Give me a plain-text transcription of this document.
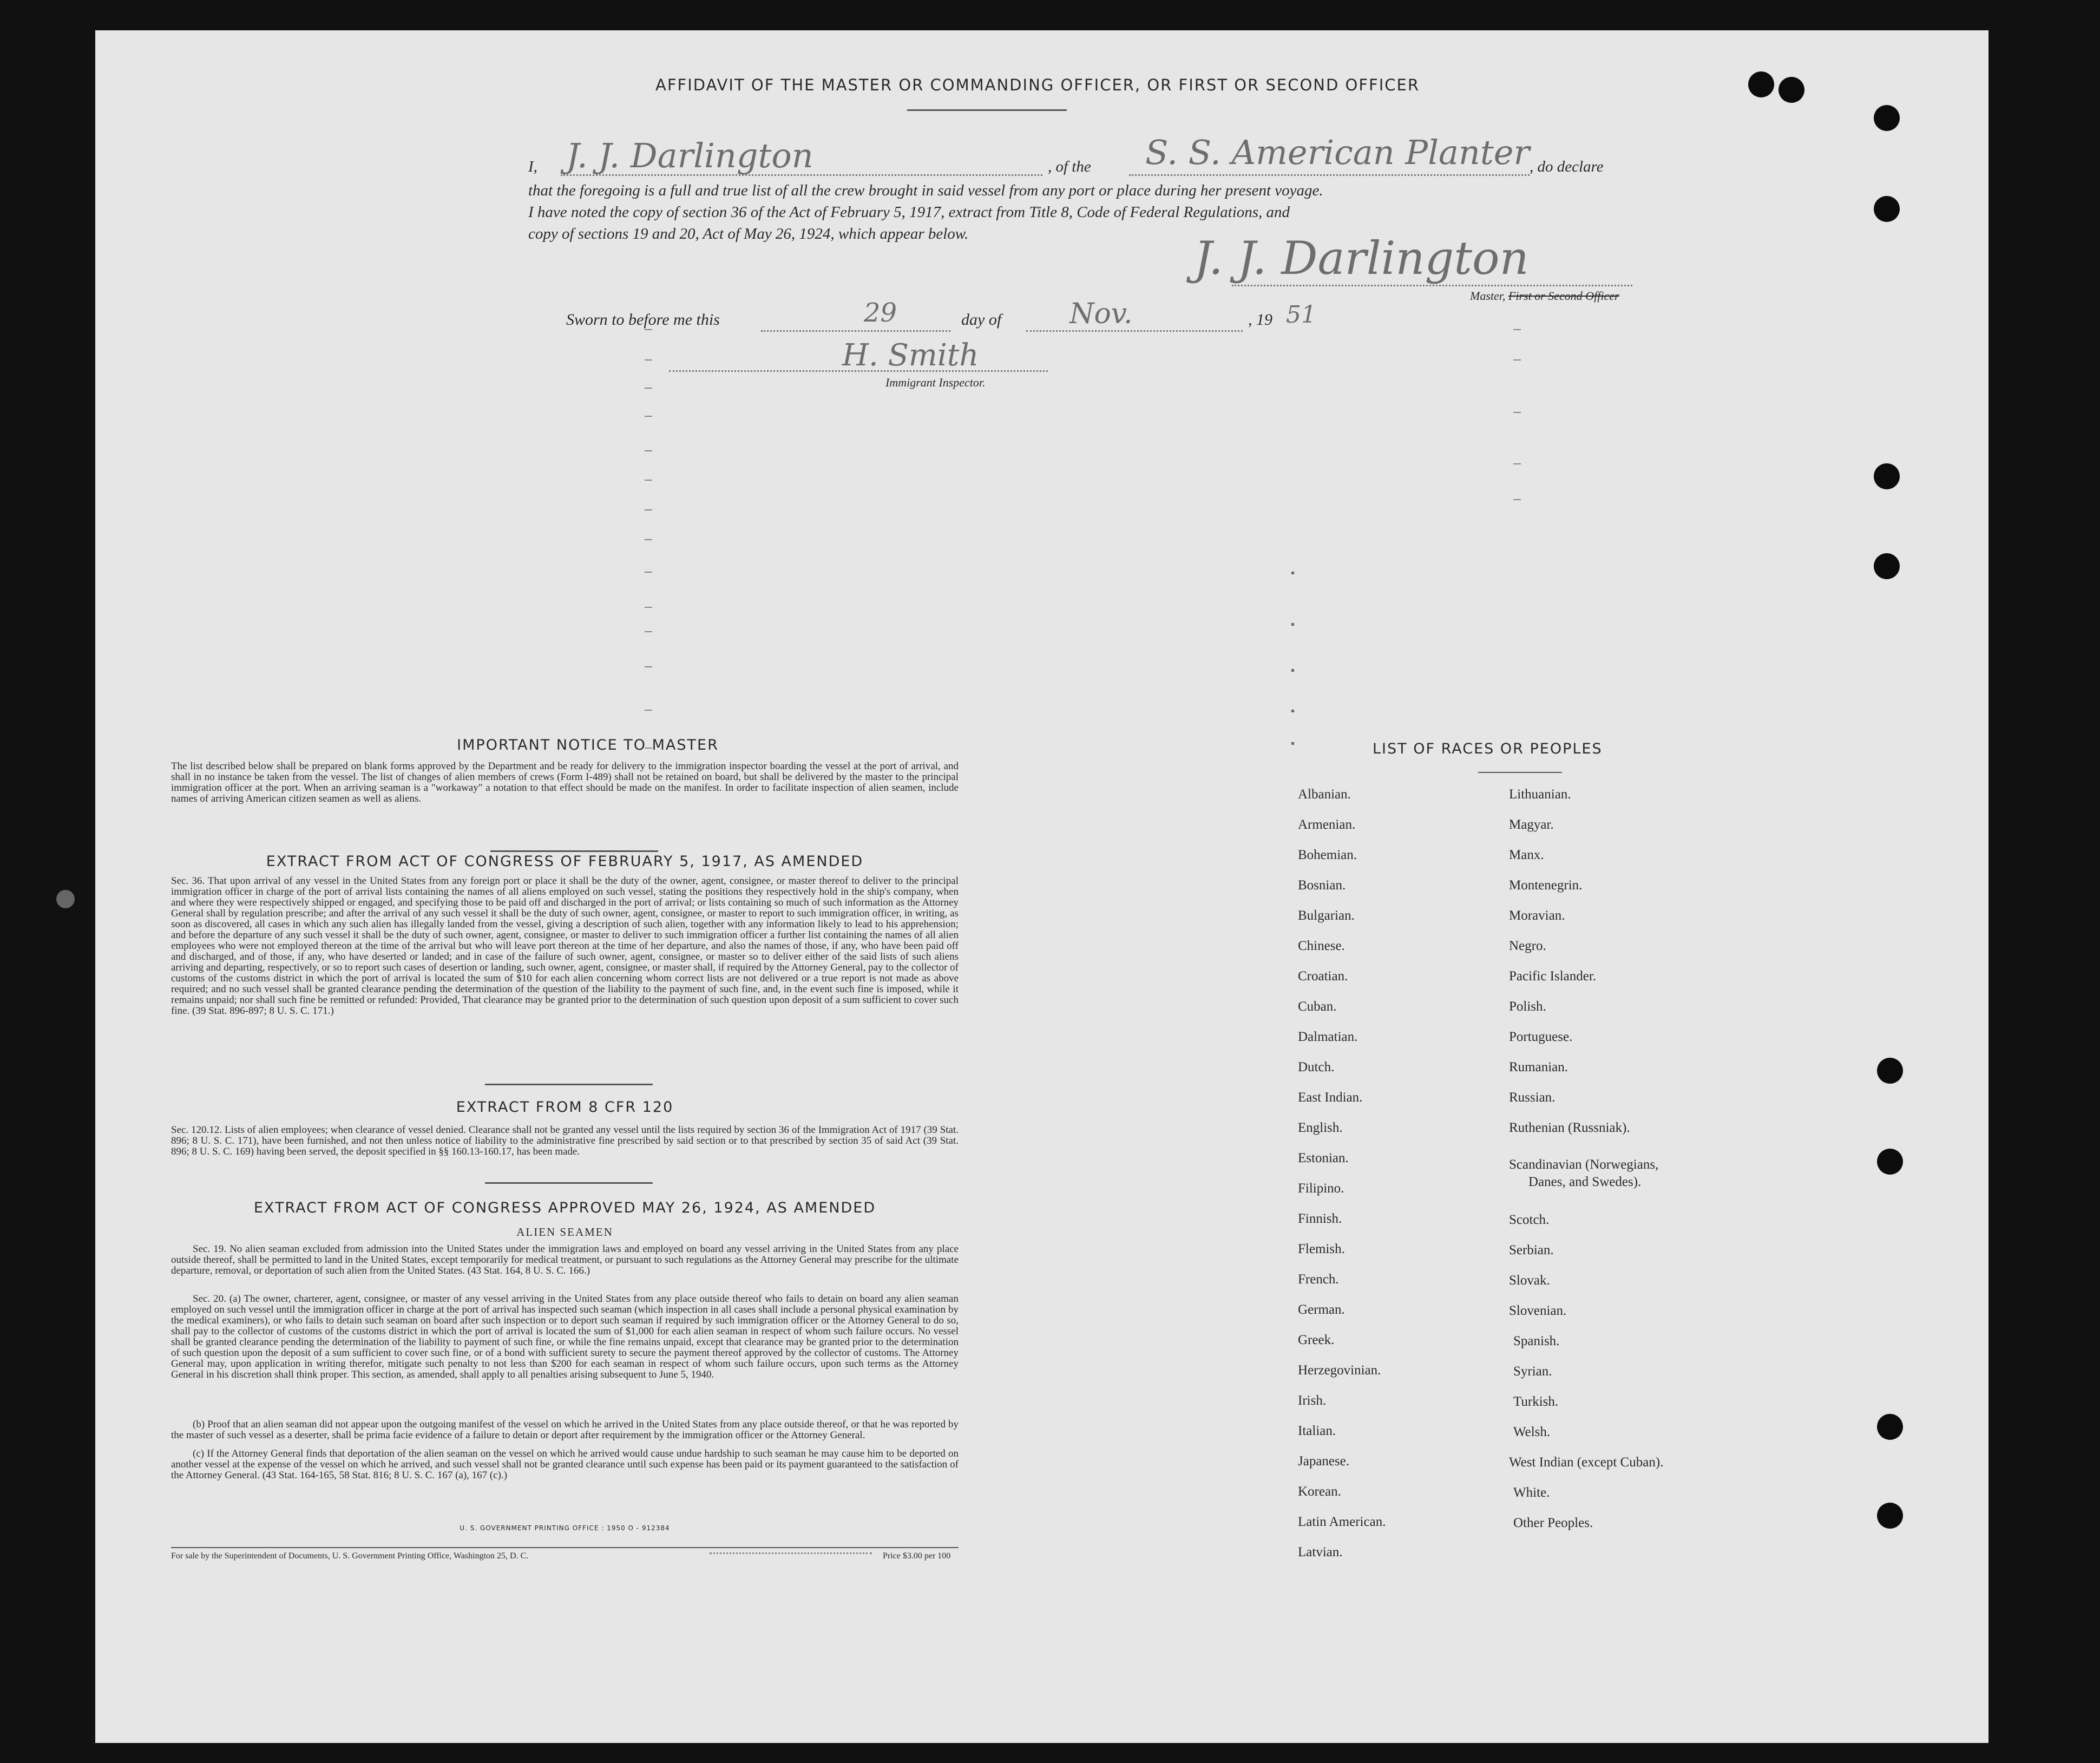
AFFIDAVIT OF THE MASTER OR COMMANDING OFFICER, OR FIRST OR SECOND OFFICER
I, J. J. Darlington	, of the S. S. American Planter , do declare
that the foregoing is a full and true list of all the crew brought in said vessel from any port or place during her present voyage.
I have noted the copy of section 36 of the Act of February 5, 1917, extract from Title 8, Code of Federal Regulations, and
copy of sections 19 and 20, Act of May 26, 1924, which appear below.	J. J. Darlington
Master, First or Second Officer
Sworn to before me this	29	day of Nov.	, 19 51
H. Smith
Immigrant Inspector.
IMPORTANT NOTICE TO MASTER
The list described below shall be prepared on blank forms approved by the Department and be ready for delivery to the immigration inspector boarding the vessel at the port of arrival, and shall in no instance be taken from the vessel. The list of changes of alien members of crews (Form I-489) shall not be retained on board, but shall be delivered by the master to the principal immigration officer at the port. When an arriving seaman is a "workaway" a notation to that effect should be made on the manifest. In order to facilitate inspection of alien seamen, include names of arriving American citizen seamen as well as aliens.
EXTRACT FROM ACT OF CONGRESS OF FEBRUARY 5, 1917, AS AMENDED
Sec. 36. That upon arrival of any vessel in the United States from any foreign port or place it shall be the duty of the owner, agent, consignee, or master thereof to deliver to the principal immigration officer in charge of the port of arrival lists containing the names of all aliens employed on such vessel, stating the positions they respectively hold in the ship's company, when and where they were respectively shipped or engaged, and specifying those to be paid off and discharged in the port of arrival; or lists containing so much of such information as the Attorney General shall by regulation prescribe; and after the arrival of any such vessel it shall be the duty of such owner, agent, consignee, or master to report to such immigration officer, in writing, as soon as discovered, all cases in which any such alien has illegally landed from the vessel, giving a description of such alien, together with any information likely to lead to his apprehension; and before the departure of any such vessel it shall be the duty of such owner, agent, consignee, or master to deliver to such immigration officer a further list containing the names of all alien employees who were not employed thereon at the time of the arrival but who will leave port thereon at the time of her departure, and also the names of those, if any, who have been paid off and discharged, and of those, if any, who have deserted or landed; and in case of the failure of such owner, agent, consignee, or master so to deliver either of the said lists of such aliens arriving and departing, respectively, or so to report such cases of desertion or landing, such owner, agent, consignee, or master shall, if required by the Attorney General, pay to the collector of customs of the customs district in which the port of arrival is located the sum of $10 for each alien concerning whom correct lists are not delivered or a true report is not made as above required; and no such vessel shall be granted clearance pending the determination of the question of the liability to the payment of such fine, and, in the event such fine is imposed, while it remains unpaid; nor shall such fine be remitted or refunded: Provided, That clearance may be granted prior to the determination of such question upon deposit of a sum sufficient to cover such fine. (39 Stat. 896-897; 8 U. S. C. 171.)
EXTRACT FROM 8 CFR 120
Sec. 120.12. Lists of alien employees; when clearance of vessel denied. Clearance shall not be granted any vessel until the lists required by section 36 of the Immigration Act of 1917 (39 Stat. 896; 8 U. S. C. 171), have been furnished, and not then unless notice of liability to the administrative fine prescribed by said section or to that prescribed by section 35 of said Act (39 Stat. 896; 8 U. S. C. 169) having been served, the deposit specified in §§ 160.13-160.17, has been made.
EXTRACT FROM ACT OF CONGRESS APPROVED MAY 26, 1924, AS AMENDED
ALIEN SEAMEN
Sec. 19. No alien seaman excluded from admission into the United States under the immigration laws and employed on board any vessel arriving in the United States from any place outside thereof, shall be permitted to land in the United States, except temporarily for medical treatment, or pursuant to such regulations as the Attorney General may prescribe for the ultimate departure, removal, or deportation of such alien from the United States. (43 Stat. 164, 8 U. S. C. 166.)
Sec. 20. (a) The owner, charterer, agent, consignee, or master of any vessel arriving in the United States from any place outside thereof who fails to detain on board any alien seaman employed on such vessel until the immigration officer in charge at the port of arrival has inspected such seaman (which inspection in all cases shall include a personal physical examination by the medical examiners), or who fails to detain such seaman on board after such inspection or to deport such seaman if required by such immigration officer or the Attorney General to do so, shall pay to the collector of customs of the customs district in which the port of arrival is located the sum of $1,000 for each alien seaman in respect of whom such failure occurs. No vessel shall be granted clearance pending the determination of the liability to payment of such fine, or while the fine remains unpaid, except that clearance may be granted prior to the determination of such question upon the deposit of a sum sufficient to cover such fine, or of a bond with sufficient surety to secure the payment thereof approved by the collector of customs. The Attorney General may, upon application in writing therefor, mitigate such penalty to not less than $200 for each seaman in respect of whom such failure occurs, upon such terms as the Attorney General in his discretion shall think proper. This section, as amended, shall apply to all penalties arising subsequent to June 5, 1940.
(b) Proof that an alien seaman did not appear upon the outgoing manifest of the vessel on which he arrived in the United States from any place outside thereof, or that he was reported by the master of such vessel as a deserter, shall be prima facie evidence of a failure to detain or deport after requirement by the immigration officer or the Attorney General.
(c) If the Attorney General finds that deportation of the alien seaman on the vessel on which he arrived would cause undue hardship to such seaman he may cause him to be deported on another vessel at the expense of the vessel on which he arrived, and such vessel shall not be granted clearance until such expense has been paid or its payment guaranteed to the satisfaction of the Attorney General. (43 Stat. 164-165, 58 Stat. 816; 8 U. S. C. 167 (a), 167 (c).)
U. S. GOVERNMENT PRINTING OFFICE : 1950 O - 912384
For sale by the Superintendent of Documents, U. S. Government Printing Office, Washington 25, D. C.	Price $3.00 per 100
LIST OF RACES OR PEOPLES
Albanian.
Armenian.
Bohemian.
Bosnian.
Bulgarian.
Chinese.
Croatian.
Cuban.
Dalmatian.
Dutch.
East Indian.
English.
Estonian.
Filipino.
Finnish.
Flemish.
French.
German.
Greek.
Herzegovinian.
Irish.
Italian.
Japanese.
Korean.
Latin American.
Latvian.
Lithuanian.
Magyar.
Manx.
Montenegrin.
Moravian.
Negro.
Pacific Islander.
Polish.
Portuguese.
Rumanian.
Russian.
Ruthenian (Russniak).
Scandinavian (Norwegians,
Danes, and Swedes).
Scotch.
Serbian.
Slovak.
Slovenian.
Spanish.
Syrian.
Turkish.
Welsh.
West Indian (except Cuban).
White.
Other Peoples.
